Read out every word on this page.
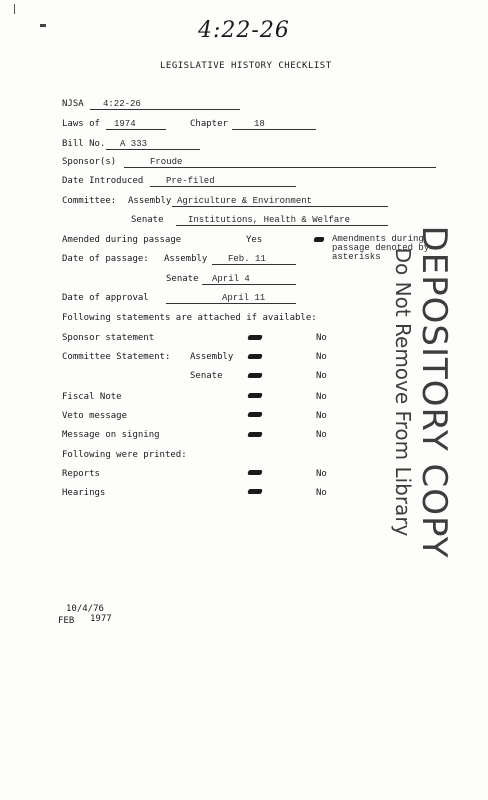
4:22-26
LEGISLATIVE HISTORY CHECKLIST
NJSA 4:22-26
Laws of 1974	Chapter	18
Bill No. A 333
Sponsor(s)	Froude
Date Introduced	Pre-filed
Committee: Assembly Agriculture & Environment
Senate	Institutions, Health & Welfare
Amended during passage	Yes	Amendments during
passage denoted by
asterisks
Date of passage: Assembly Feb. 11
Senate April 4
Date of approval	April 11
Following statements are attached if available:
Sponsor statement	No
Committee Statement: Assembly	No
Senate	No
Fiscal Note	No
Veto message	No
Message on signing	No
Following were printed:
Reports	No
Hearings	No
10/4/76
FEB 1977
DEPOSITORY COPY
Do Not Remove From Library
